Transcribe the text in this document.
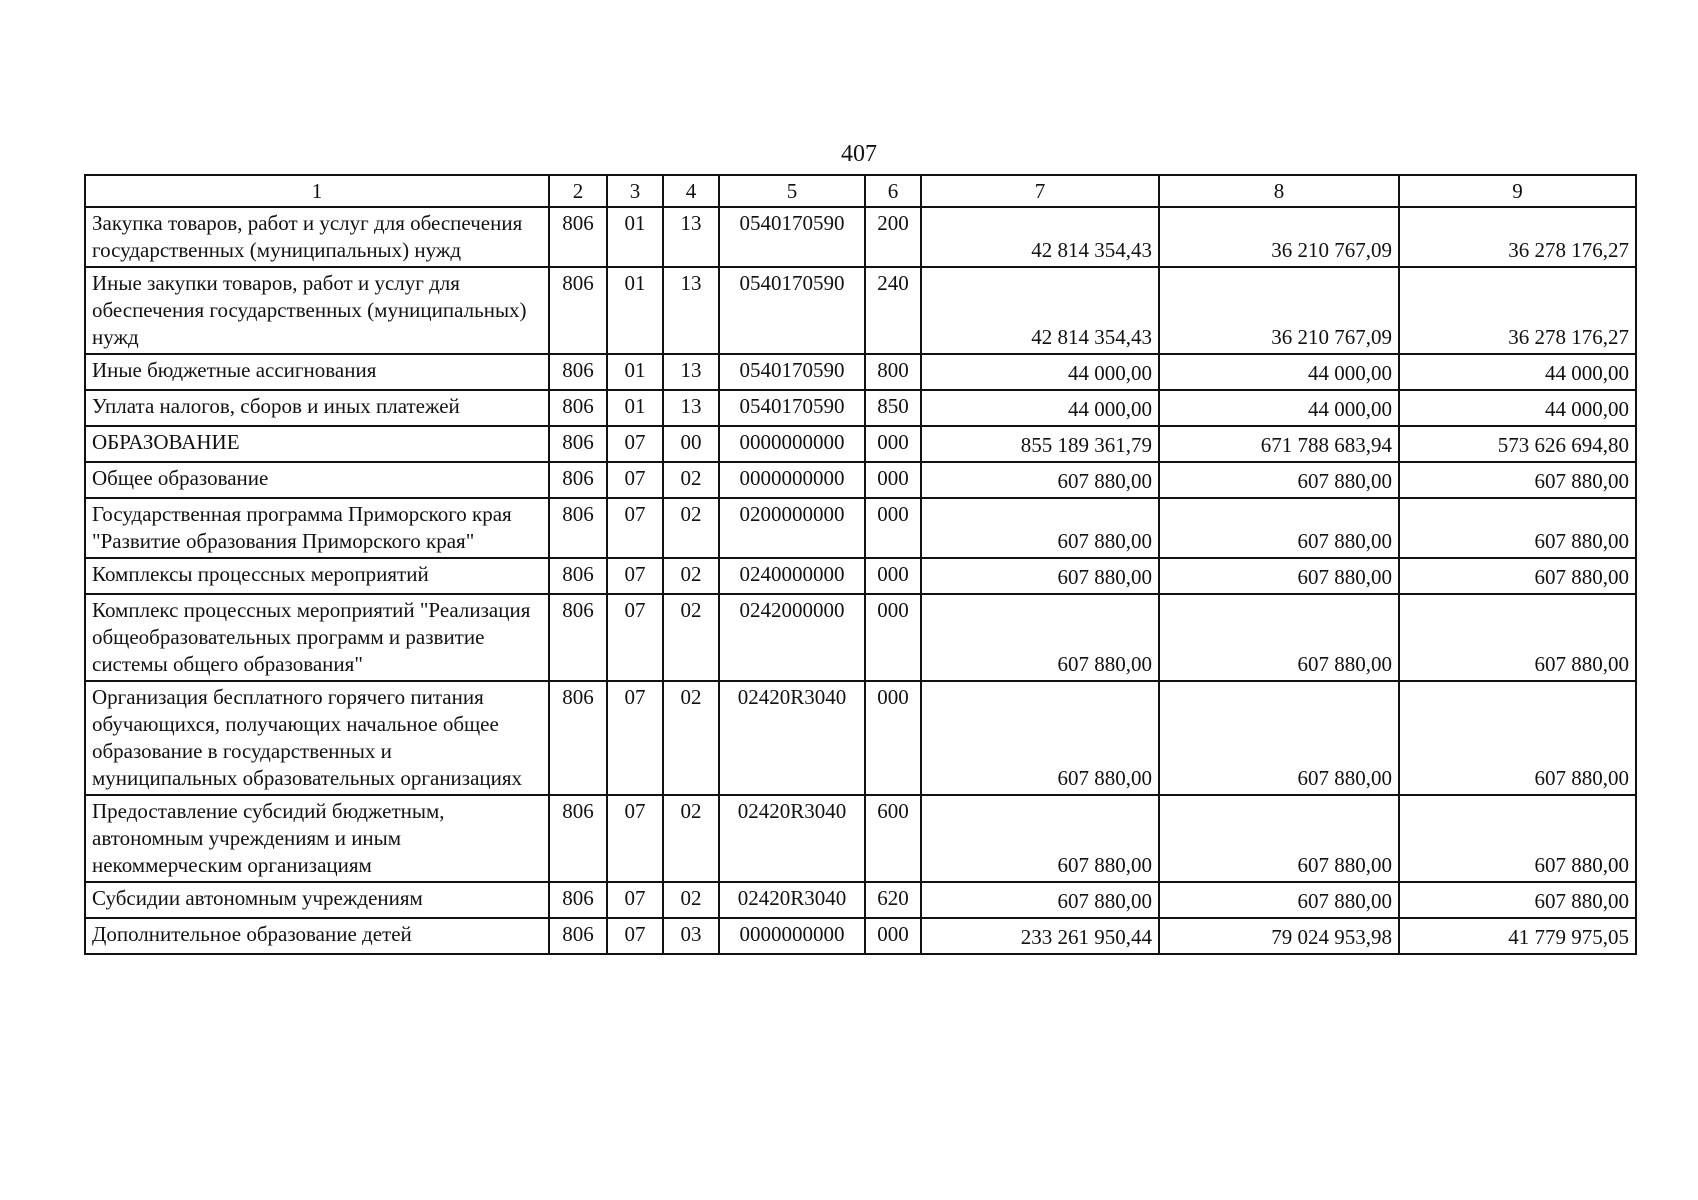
407
1	2	3	4	5	6	7	8	9
Закупка товаров, работ и услуг для обеспечения государственных (муниципальных) нужд	806	01	13	0540170590	200	42 814 354,43	36 210 767,09	36 278 176,27
Иные закупки товаров, работ и услуг для обеспечения государственных (муниципальных) нужд	806	01	13	0540170590	240	42 814 354,43	36 210 767,09	36 278 176,27
Иные бюджетные ассигнования	806	01	13	0540170590	800	44 000,00	44 000,00	44 000,00
Уплата налогов, сборов и иных платежей	806	01	13	0540170590	850	44 000,00	44 000,00	44 000,00
ОБРАЗОВАНИЕ	806	07	00	0000000000	000	855 189 361,79	671 788 683,94	573 626 694,80
Общее образование	806	07	02	0000000000	000	607 880,00	607 880,00	607 880,00
Государственная программа Приморского края "Развитие образования Приморского края"	806	07	02	0200000000	000	607 880,00	607 880,00	607 880,00
Комплексы процессных мероприятий	806	07	02	0240000000	000	607 880,00	607 880,00	607 880,00
Комплекс процессных мероприятий "Реализация общеобразовательных программ и развитие системы общего образования"	806	07	02	0242000000	000	607 880,00	607 880,00	607 880,00
Организация бесплатного горячего питания обучающихся, получающих начальное общее образование в государственных и муниципальных образовательных организациях	806	07	02	02420R3040	000	607 880,00	607 880,00	607 880,00
Предоставление субсидий бюджетным, автономным учреждениям и иным некоммерческим организациям	806	07	02	02420R3040	600	607 880,00	607 880,00	607 880,00
Субсидии автономным учреждениям	806	07	02	02420R3040	620	607 880,00	607 880,00	607 880,00
Дополнительное образование детей	806	07	03	0000000000	000	233 261 950,44	79 024 953,98	41 779 975,05
